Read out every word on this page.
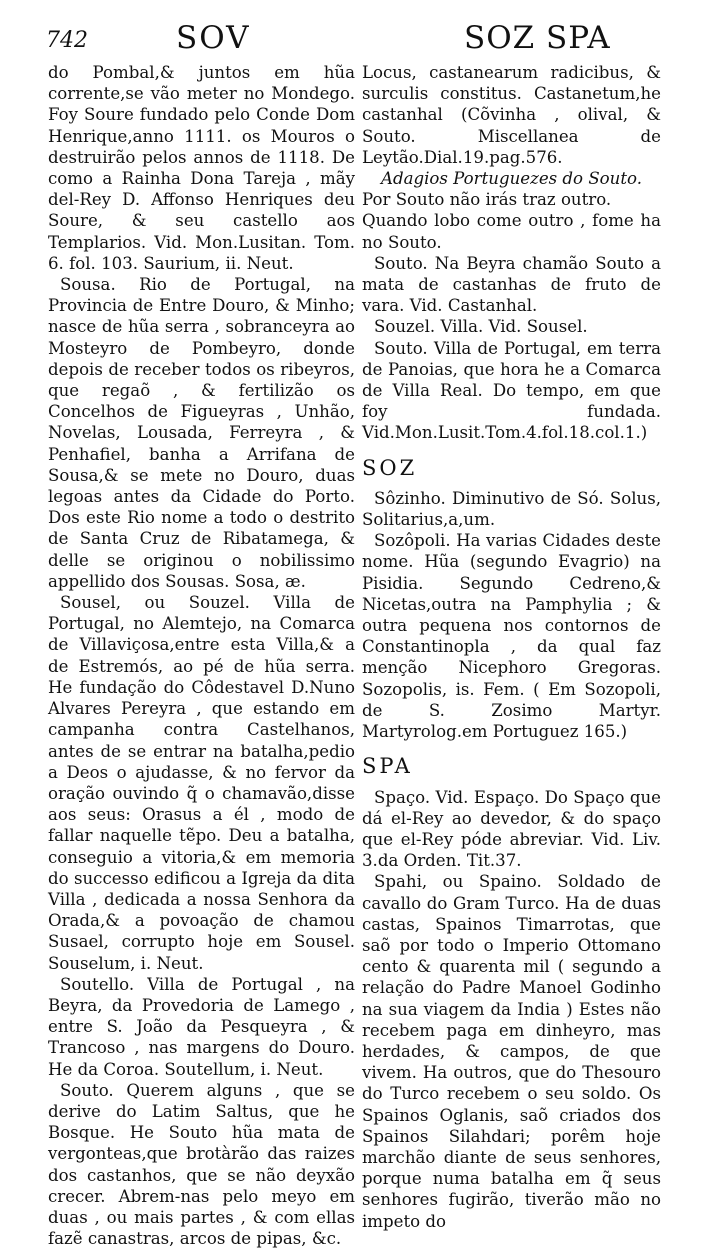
742	SOV	SOZ SPA

do Pombal,& juntos em hũa corrente,se vão meter no Mondego. Foy Soure fundado pelo Conde Dom Henrique,anno 1111. os Mouros o destruirão pelos annos de 1118. De como a Rainha Dona Tareja , mãy del-Rey D. Affonso Henriques deu Soure, & seu castello aos Templarios. Vid. Mon.Lusitan. Tom. 6. fol. 103. Saurium, ii. Neut.

Sousa. Rio de Portugal, na Provincia de Entre Douro, & Minho; nasce de hũa serra , sobranceyra ao Mosteyro de Pombeyro, donde depois de receber todos os ribeyros, que regaõ , & fertilizão os Concelhos de Figueyras , Unhão, Novelas, Lousada, Ferreyra , & Penhafiel, banha a Arrifana de Sousa,& se mete no Douro, duas legoas antes da Cidade do Porto. Dos este Rio nome a todo o destrito de Santa Cruz de Ribatamega, & delle se originou o nobilissimo appellido dos Sousas. Sosa, æ.

Sousel, ou Souzel. Villa de Portugal, no Alemtejo, na Comarca de Villaviçosa,entre esta Villa,& a de Estremós, ao pé de hũa serra. He fundação do Côdestavel D.Nuno Alvares Pereyra , que estando em campanha contra Castelhanos, antes de se entrar na batalha,pedio a Deos o ajudasse, & no fervor da oração ouvindo q̃ o chamavão,disse aos seus: Orasus a él , modo de fallar naquelle tẽpo. Deu a batalha, conseguio a vitoria,& em memoria do successo edificou a Igreja da dita Villa , dedicada a nossa Senhora da Orada,& a povoação de chamou Susael, corrupto hoje em Sousel. Souselum, i. Neut.

Soutello. Villa de Portugal , na Beyra, da Provedoria de Lamego , entre S. João da Pesqueyra , & Trancoso , nas margens do Douro. He da Coroa. Soutellum, i. Neut.

Souto. Querem alguns , que se derive do Latim Saltus, que he Bosque. He Souto hũa mata de vergonteas,que brotàrão das raizes dos castanhos, que se não deyxão crecer. Abrem-nas pelo meyo em duas , ou mais partes , & com ellas fazẽ canastras, arcos de pipas, &c.

Locus, castanearum radicibus, & surculis constitus. Castanetum,he castanhal (Cõvinha , olival, & Souto. Miscellanea de Leytão.Dial.19.pag.576.

Adagios Portuguezes do Souto.

Por Souto não irás traz outro.

Quando lobo come outro , fome ha no Souto.

Souto. Na Beyra chamão Souto a mata de castanhas de fruto de vara. Vid. Castanhal.

Souzel. Villa. Vid. Sousel.

Souto. Villa de Portugal, em terra de Panoias, que hora he a Comarca de Villa Real. Do tempo, em que foy fundada. Vid.Mon.Lusit.Tom.4.fol.18.col.1.)

SOZ

Sôzinho. Diminutivo de Só. Solus, Solitarius,a,um.

Sozôpoli. Ha varias Cidades deste nome. Hũa (segundo Evagrio) na Pisidia. Segundo Cedreno,& Nicetas,outra na Pamphylia ; & outra pequena nos contornos de Constantinopla , da qual faz menção Nicephoro Gregoras. Sozopolis, is. Fem. ( Em Sozopoli, de S. Zosimo Martyr. Martyrolog.em Portuguez 165.)

SPA

Spaço. Vid. Espaço. Do Spaço que dá el-Rey ao devedor, & do spaço que el-Rey póde abreviar. Vid. Liv. 3.da Orden. Tit.37.

Spahi, ou Spaino. Soldado de cavallo do Gram Turco. Ha de duas castas, Spainos Timarrotas, que saõ por todo o Imperio Ottomano cento & quarenta mil ( segundo a relação do Padre Manoel Godinho na sua viagem da India ) Estes não recebem paga em dinheyro, mas herdades, & campos, de que vivem. Ha outros, que do Thesouro do Turco recebem o seu soldo. Os Spainos Oglanis, saõ criados dos Spainos Silahdari; porêm hoje marchão diante de seus senhores, porque numa batalha em q̃ seus senhores fugirão, tiverão mão no impeto do
